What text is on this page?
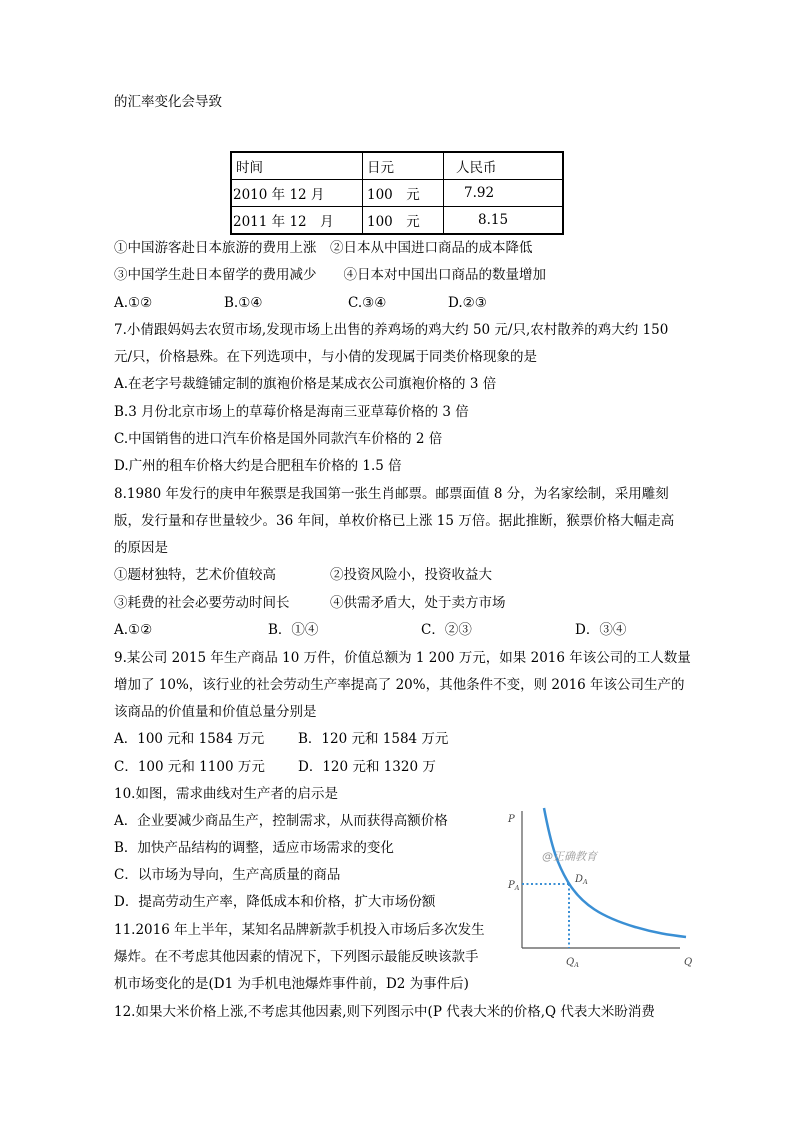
的汇率变化会导致
时间	日元	人民币
2010 年 12 月	100　元	7.92
2011 年 12　月	100　元	8.15
①中国游客赴日本旅游的费用上涨　②日本从中国进口商品的成本降低
③中国学生赴日本留学的费用减少　　④日本对中国出口商品的数量增加
A.①②	B.①④	C.③④	D.②③
7.小倩跟妈妈去农贸市场,发现市场上出售的养鸡场的鸡大约 50 元/只,农村散养的鸡大约 150
元/只，价格悬殊。在下列选项中，与小倩的发现属于同类价格现象的是
A.在老字号裁缝铺定制的旗袍价格是某成衣公司旗袍价格的 3 倍
B.3 月份北京市场上的草莓价格是海南三亚草莓价格的 3 倍
C.中国销售的进口汽车价格是国外同款汽车价格的 2 倍
D.广州的租车价格大约是合肥租车价格的 1.5 倍
8.1980 年发行的庚申年猴票是我国第一张生肖邮票。邮票面值 8 分，为名家绘制，采用雕刻
版，发行量和存世量较少。36 年间，单枚价格已上涨 15 万倍。据此推断，猴票价格大幅走高
的原因是
①题材独特，艺术价值较高	②投资风险小，投资收益大
③耗费的社会必要劳动时间长	④供需矛盾大，处于卖方市场
A.①②	B．①④	C．②③	D．③④
9.某公司 2015 年生产商品 10 万件，价值总额为 1 200 万元，如果 2016 年该公司的工人数量
增加了 10%，该行业的社会劳动生产率提高了 20%，其他条件不变，则 2016 年该公司生产的
该商品的价值量和价值总量分别是
A．100 元和 1584 万元	B．120 元和 1584 万元
C．100 元和 1100 万元 D．120 元和 1320 万
10.如图，需求曲线对生产者的启示是
A．企业要减少商品生产，控制需求，从而获得高额价格
B．加快产品结构的调整，适应市场需求的变化
C．以市场为导向，生产高质量的商品
D．提高劳动生产率，降低成本和价格，扩大市场份额
11.2016 年上半年，某知名品牌新款手机投入市场后多次发生
爆炸。在不考虑其他因素的情况下，下列图示最能反映该款手
机市场变化的是(D1 为手机电池爆炸事件前，D2 为事件后)
12.如果大米价格上涨,不考虑其他因素,则下列图示中(P 代表大米的价格,Q 代表大米盼消费
P
Q
$P_A$
$D_A$
$Q_A$
@正确教育
